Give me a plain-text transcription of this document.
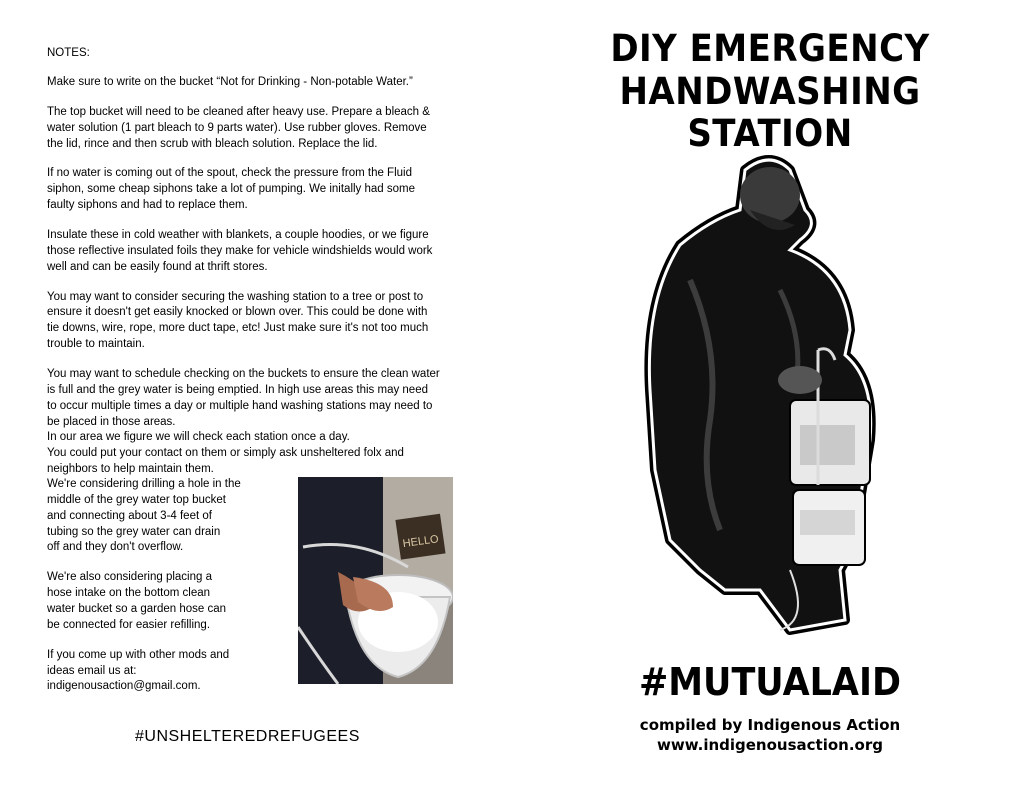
NOTES:

Make sure to write on the bucket “Not for Drinking - Non-potable Water.”

The top bucket will need to be cleaned after heavy use. Prepare a bleach &
water solution (1 part bleach to 9 parts water). Use rubber gloves. Remove
the lid, rince and then scrub with bleach solution. Replace the lid.

If no water is coming out of the spout, check the pressure from the Fluid
siphon, some cheap siphons take a lot of pumping. We initally had some
faulty siphons and had to replace them.

Insulate these in cold weather with blankets, a couple hoodies, or we figure
those reflective insulated foils they make for vehicle windshields would work
well and can be easily found at thrift stores.

You may want to consider securing the washing station to a tree or post to
ensure it doesn't get easily knocked or blown over. This could be done with
tie downs, wire, rope, more duct tape, etc! Just make sure it's not too much
trouble to maintain.

You may want to schedule checking on the buckets to ensure the clean water
is full and the grey water is being emptied. In high use areas this may need
to occur multiple times a day or multiple hand washing stations may need to
be placed in those areas.
In our area we figure we will check each station once a day.
You could put your contact on them or simply ask unsheltered folx and
neighbors to help maintain them.

We're considering drilling a hole in the
middle of the grey water top bucket
and connecting about 3-4 feet of
tubing so the grey water can drain
off and they don't overflow.

We're also considering placing a
hose intake on the bottom clean
water bucket so a garden hose can
be connected for easier refilling.

If you come up with other mods and
ideas email us at:
indigenousaction@gmail.com.

HELLO
#UNSHELTEREDREFUGEES
DIY EMERGENCY
HANDWASHING STATION
#MUTUALAID
compiled by Indigenous Action
www.indigenousaction.org
